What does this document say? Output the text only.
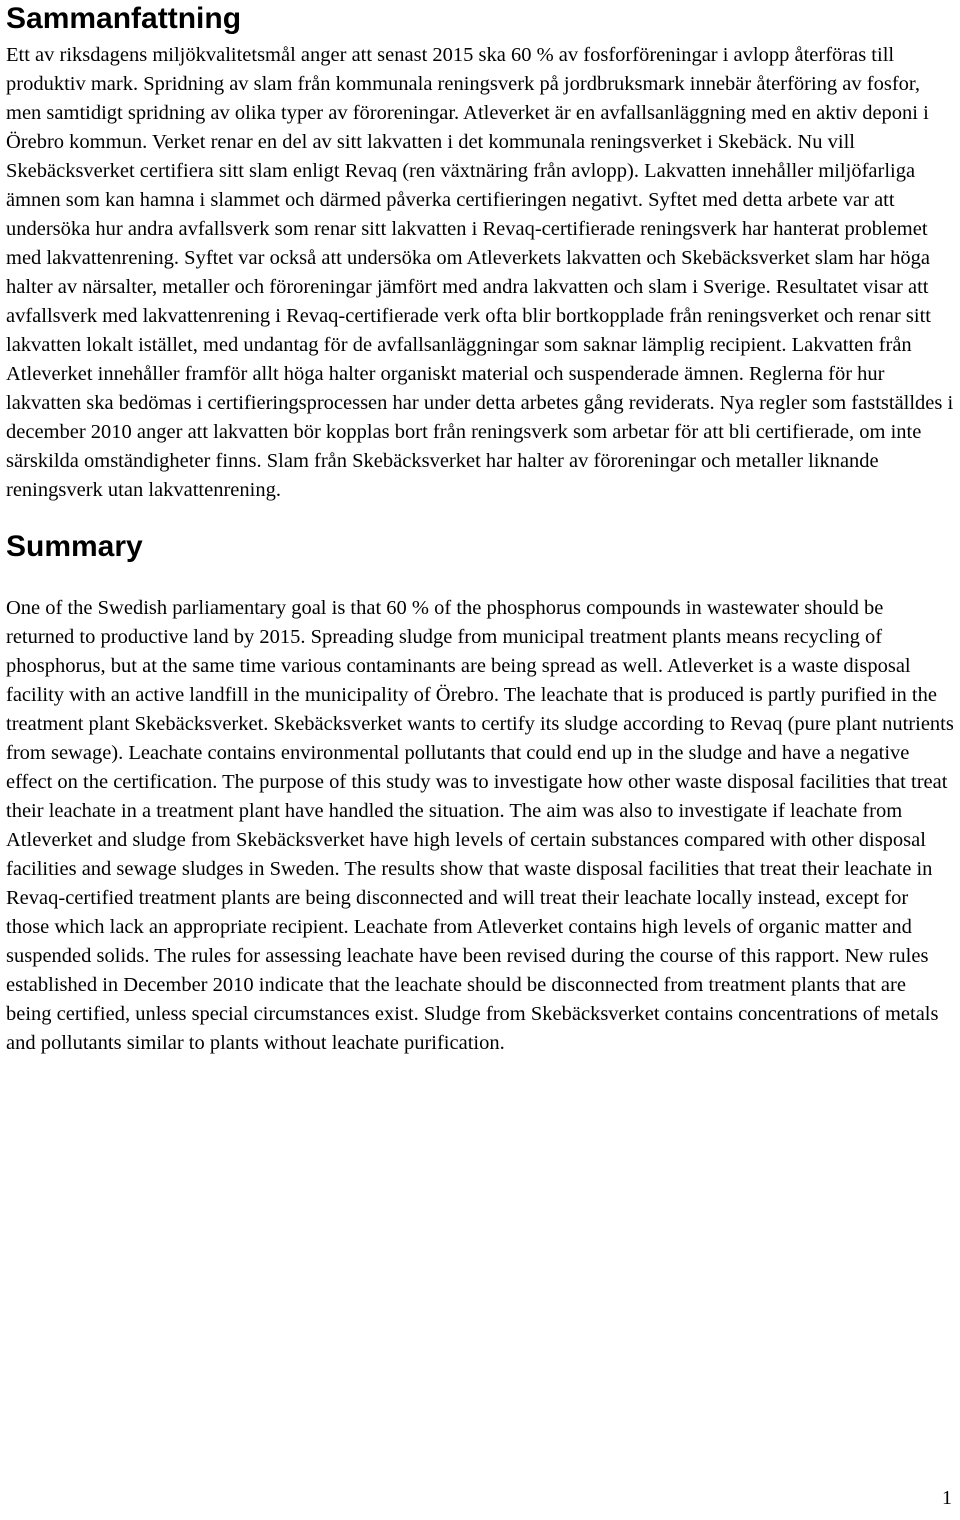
Sammanfattning

Ett av riksdagens miljökvalitetsmål anger att senast 2015 ska 60 % av fosforföreningar i avlopp återföras till produktiv mark. Spridning av slam från kommunala reningsverk på jordbruksmark innebär återföring av fosfor, men samtidigt spridning av olika typer av föroreningar. Atleverket är en avfallsanläggning med en aktiv deponi i Örebro kommun. Verket renar en del av sitt lakvatten i det kommunala reningsverket i Skebäck. Nu vill Skebäcksverket certifiera sitt slam enligt Revaq (ren växtnäring från avlopp). Lakvatten innehåller miljöfarliga ämnen som kan hamna i slammet och därmed påverka certifieringen negativt. Syftet med detta arbete var att undersöka hur andra avfallsverk som renar sitt lakvatten i Revaq-certifierade reningsverk har hanterat problemet med lakvattenrening. Syftet var också att undersöka om Atleverkets lakvatten och Skebäcksverket slam har höga halter av närsalter, metaller och föroreningar jämfört med andra lakvatten och slam i Sverige. Resultatet visar att avfallsverk med lakvattenrening i Revaq-certifierade verk ofta blir bortkopplade från reningsverket och renar sitt lakvatten lokalt istället, med undantag för de avfallsanläggningar som saknar lämplig recipient. Lakvatten från Atleverket innehåller framför allt höga halter organiskt material och suspenderade ämnen. Reglerna för hur lakvatten ska bedömas i certifieringsprocessen har under detta arbetes gång reviderats. Nya regler som fastställdes i december 2010 anger att lakvatten bör kopplas bort från reningsverk som arbetar för att bli certifierade, om inte särskilda omständigheter finns. Slam från Skebäcksverket har halter av föroreningar och metaller liknande reningsverk utan lakvattenrening.

Summary

One of the Swedish parliamentary goal is that 60 % of the phosphorus compounds in wastewater should be returned to productive land by 2015. Spreading sludge from municipal treatment plants means recycling of phosphorus, but at the same time various contaminants are being spread as well. Atleverket is a waste disposal facility with an active landfill in the municipality of Örebro. The leachate that is produced is partly purified in the treatment plant Skebäcksverket. Skebäcksverket wants to certify its sludge according to Revaq (pure plant nutrients from sewage). Leachate contains environmental pollutants that could end up in the sludge and have a negative effect on the certification. The purpose of this study was to investigate how other waste disposal facilities that treat their leachate in a treatment plant have handled the situation. The aim was also to investigate if leachate from Atleverket and sludge from Skebäcksverket have high levels of certain substances compared with other disposal facilities and sewage sludges in Sweden. The results show that waste disposal facilities that treat their leachate in Revaq-certified treatment plants are being disconnected and will treat their leachate locally instead, except for those which lack an appropriate recipient. Leachate from Atleverket contains high levels of organic matter and suspended solids. The rules for assessing leachate have been revised during the course of this rapport. New rules established in December 2010 indicate that the leachate should be disconnected from treatment plants that are being certified, unless special circumstances exist. Sludge from Skebäcksverket contains concentrations of metals and pollutants similar to plants without leachate purification.

1
